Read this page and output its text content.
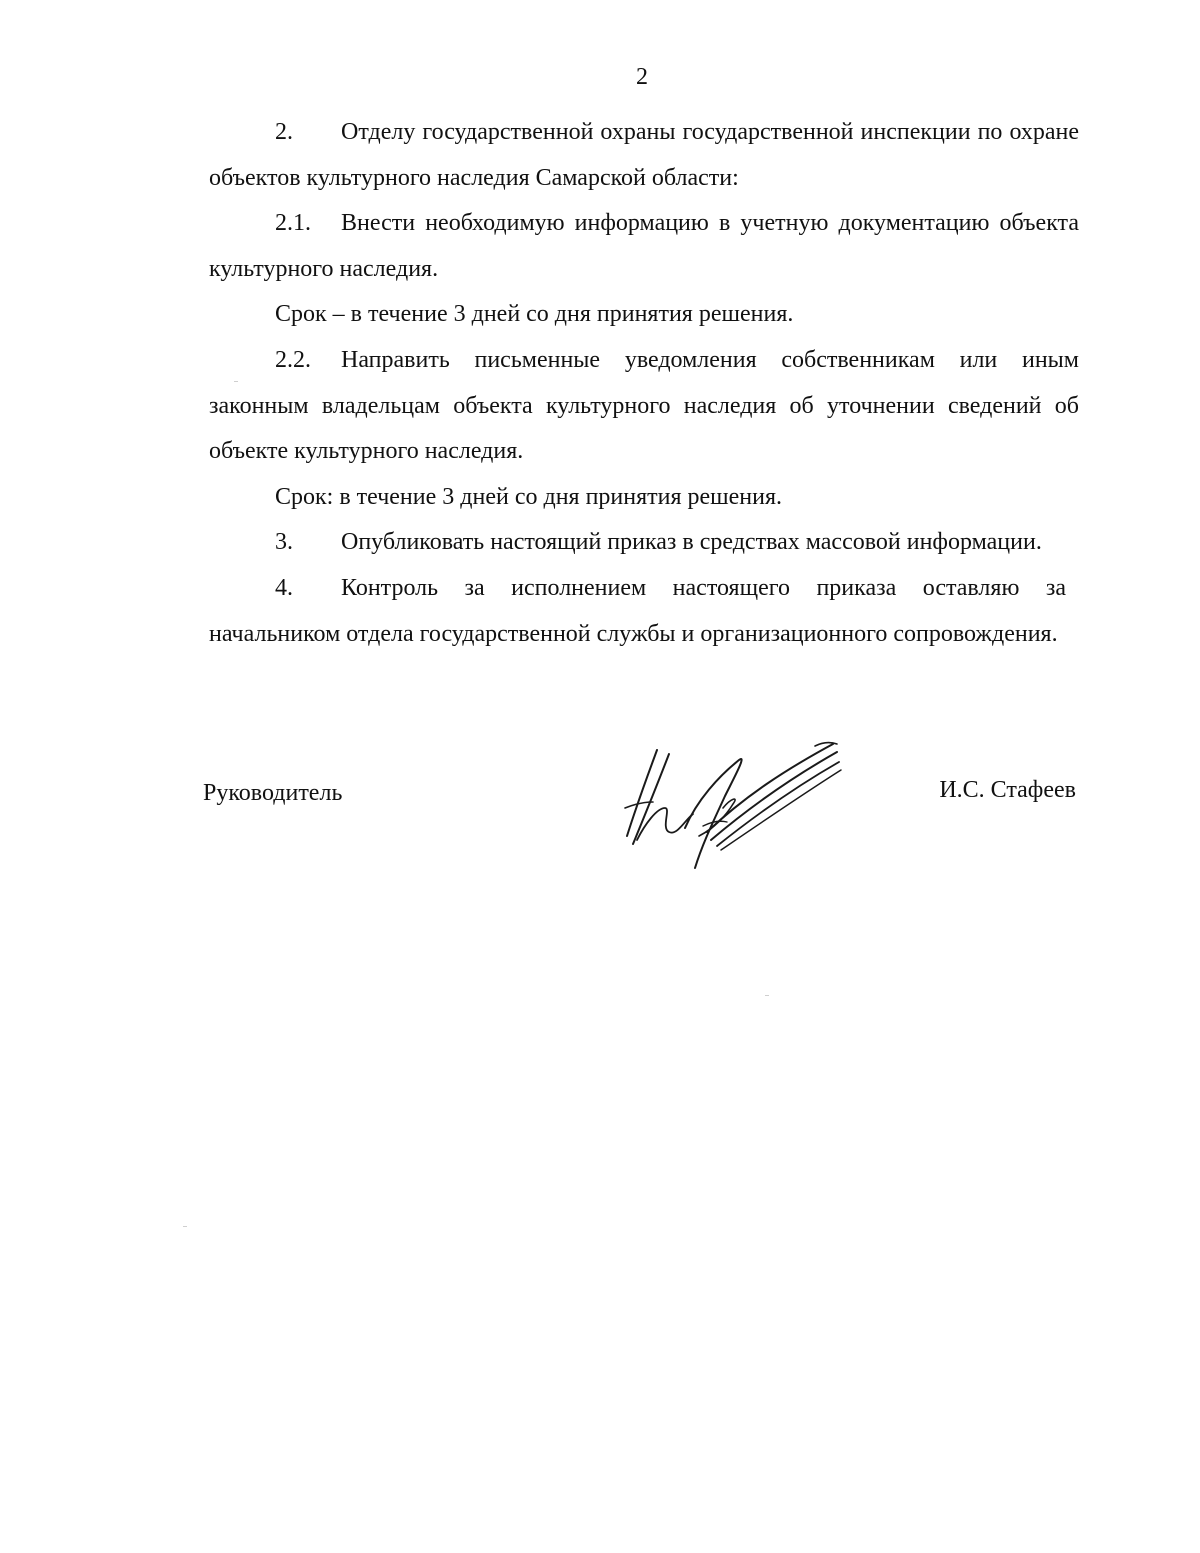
2

2. Отделу государственной охраны государственной инспекции по охране объектов культурного наследия Самарской области:

2.1. Внести необходимую информацию в учетную документацию объекта культурного наследия.

Срок – в течение 3 дней со дня принятия решения.

2.2. Направить письменные уведомления собственникам или иным законным владельцам объекта культурного наследия об уточнении сведений об объекте культурного наследия.

Срок: в течение 3 дней со дня принятия решения.

3. Опубликовать настоящий приказ в средствах массовой информации.

4. Контроль за исполнением настоящего приказа оставляю за начальником отдела государственной службы и организационного сопровождения.

Руководитель	И.С. Стафеев
